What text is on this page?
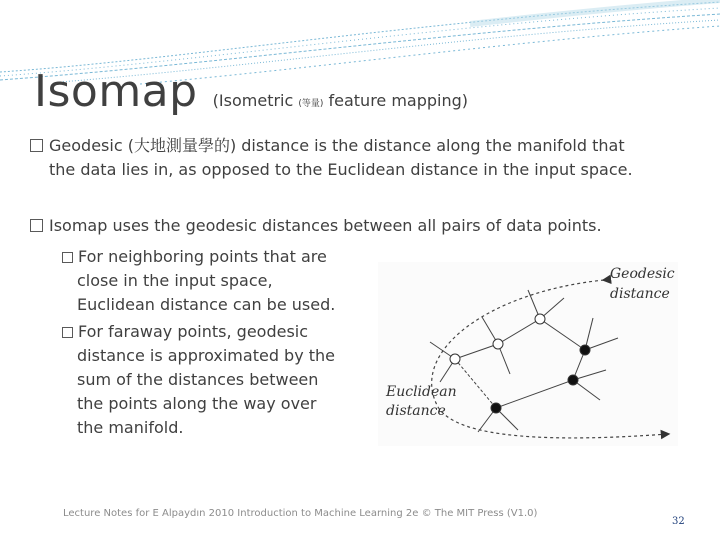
Isomap (Isometric (等量) feature mapping)
Geodesic (大地測量學的) distance is the distance along the manifold that
the data lies in, as opposed to the Euclidean distance in the input space.
Isomap uses the geodesic distances between all pairs of data points.
For neighboring points that are
close in the input space,
Euclidean distance can be used.
For faraway points, geodesic
distance is approximated by the
sum of the distances between
the points along the way over
the manifold.
Geodesic
distance
Euclidean
distance
Lecture Notes for E Alpaydın 2010 Introduction to Machine Learning 2e © The MIT Press (V1.0)
32
